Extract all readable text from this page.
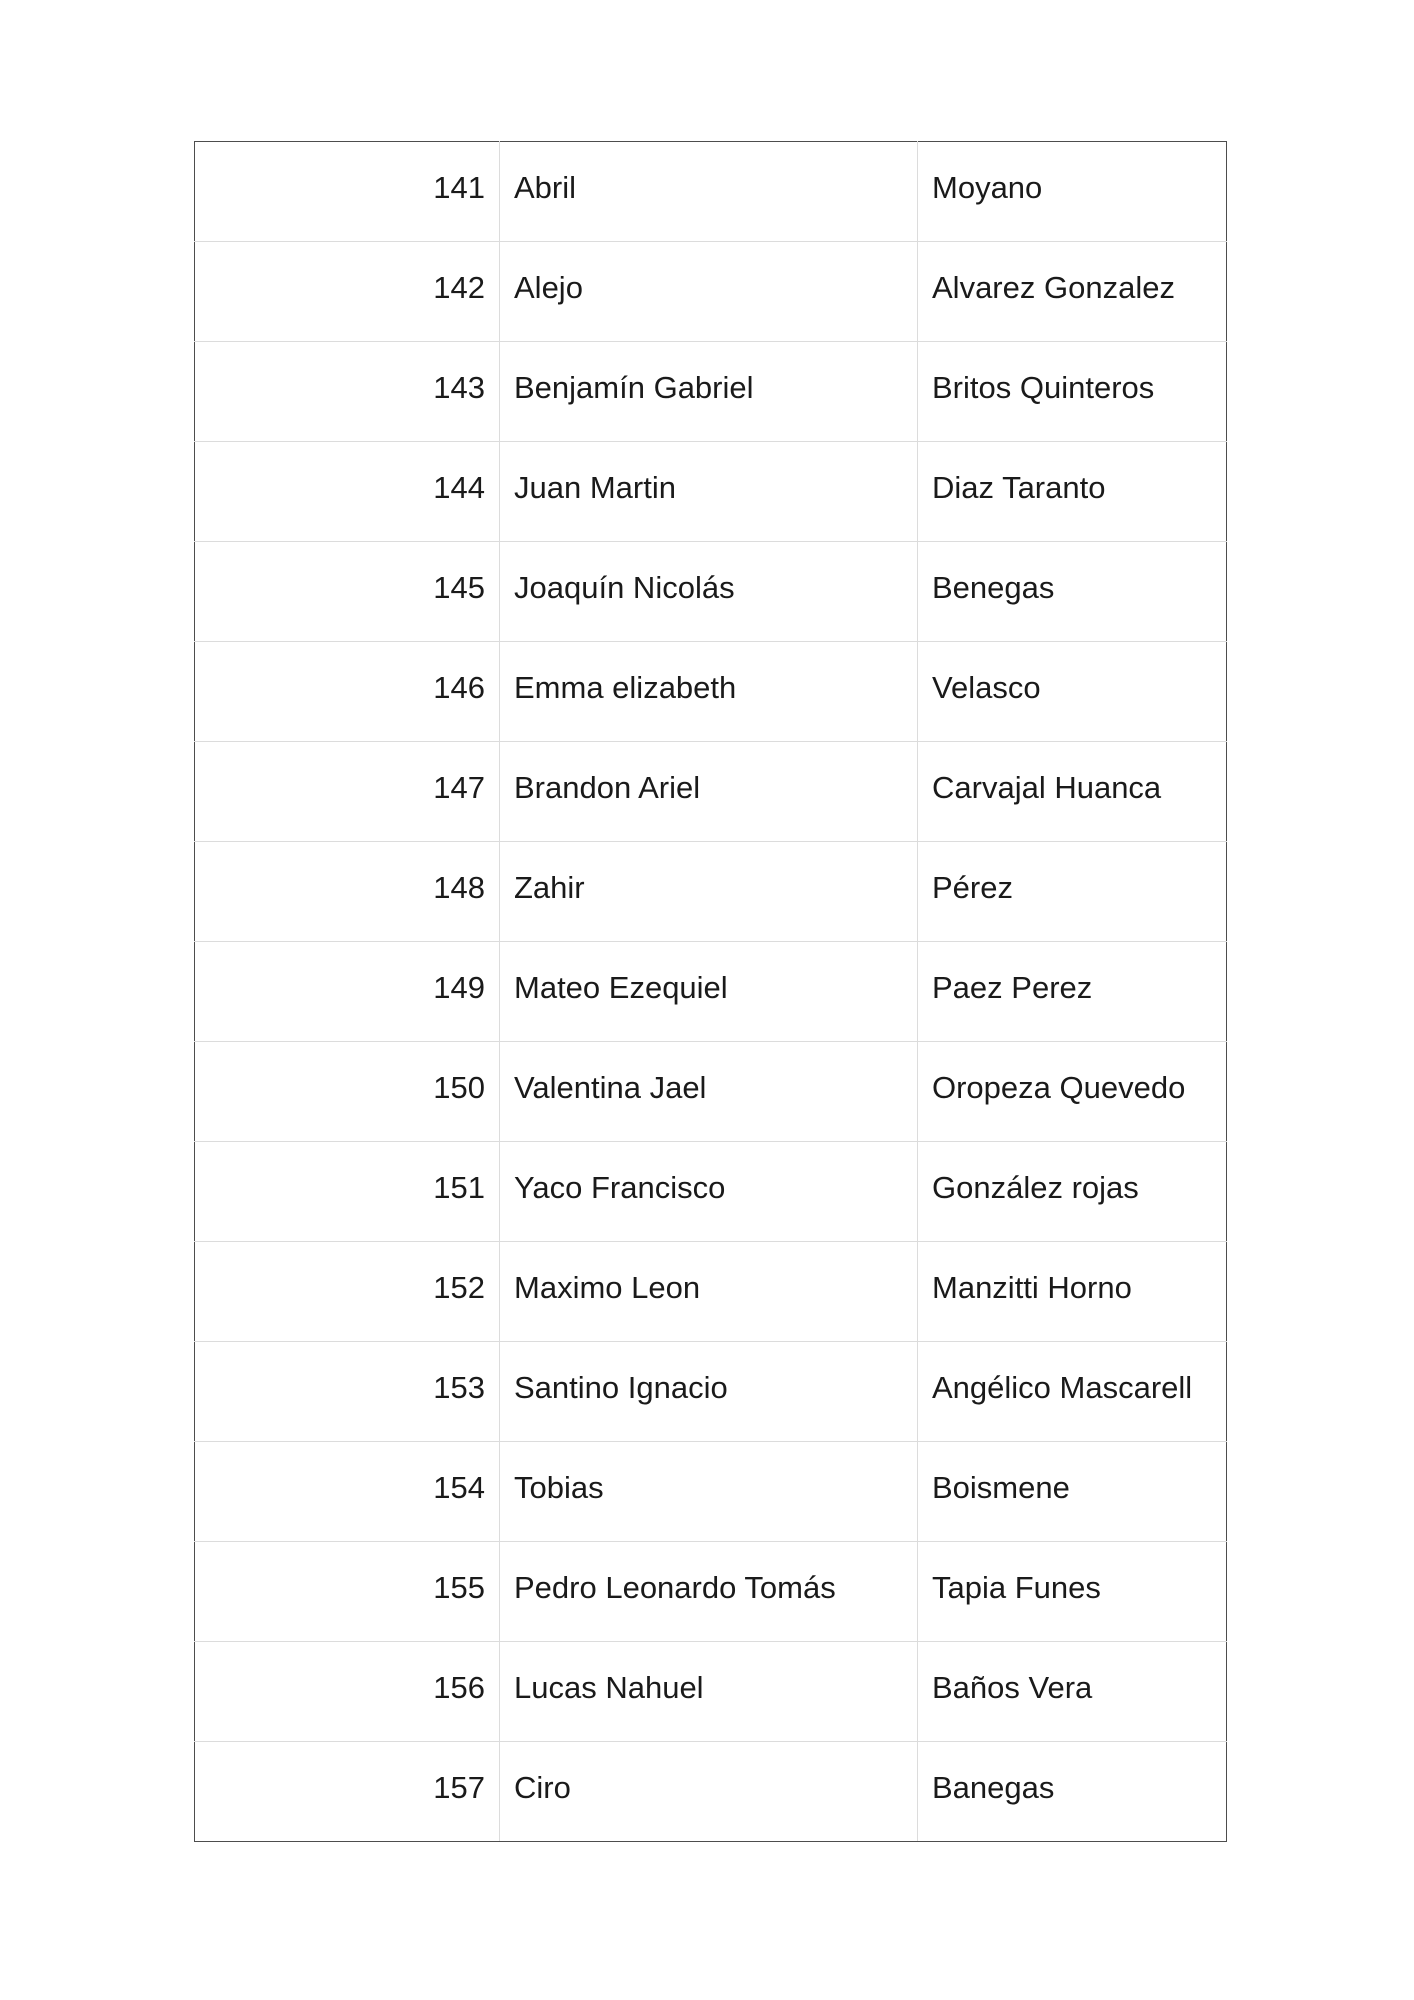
141	Abril	Moyano
142	Alejo	Alvarez Gonzalez
143	Benjamín Gabriel	Britos Quinteros
144	Juan Martin	Diaz Taranto
145	Joaquín Nicolás	Benegas
146	Emma elizabeth	Velasco
147	Brandon Ariel	Carvajal Huanca
148	Zahir	Pérez
149	Mateo Ezequiel	Paez Perez
150	Valentina Jael	Oropeza Quevedo
151	Yaco Francisco	González rojas
152	Maximo Leon	Manzitti Horno
153	Santino Ignacio	Angélico Mascarell
154	Tobias	Boismene
155	Pedro Leonardo Tomás	Tapia Funes
156	Lucas Nahuel	Baños Vera
157	Ciro	Banegas
